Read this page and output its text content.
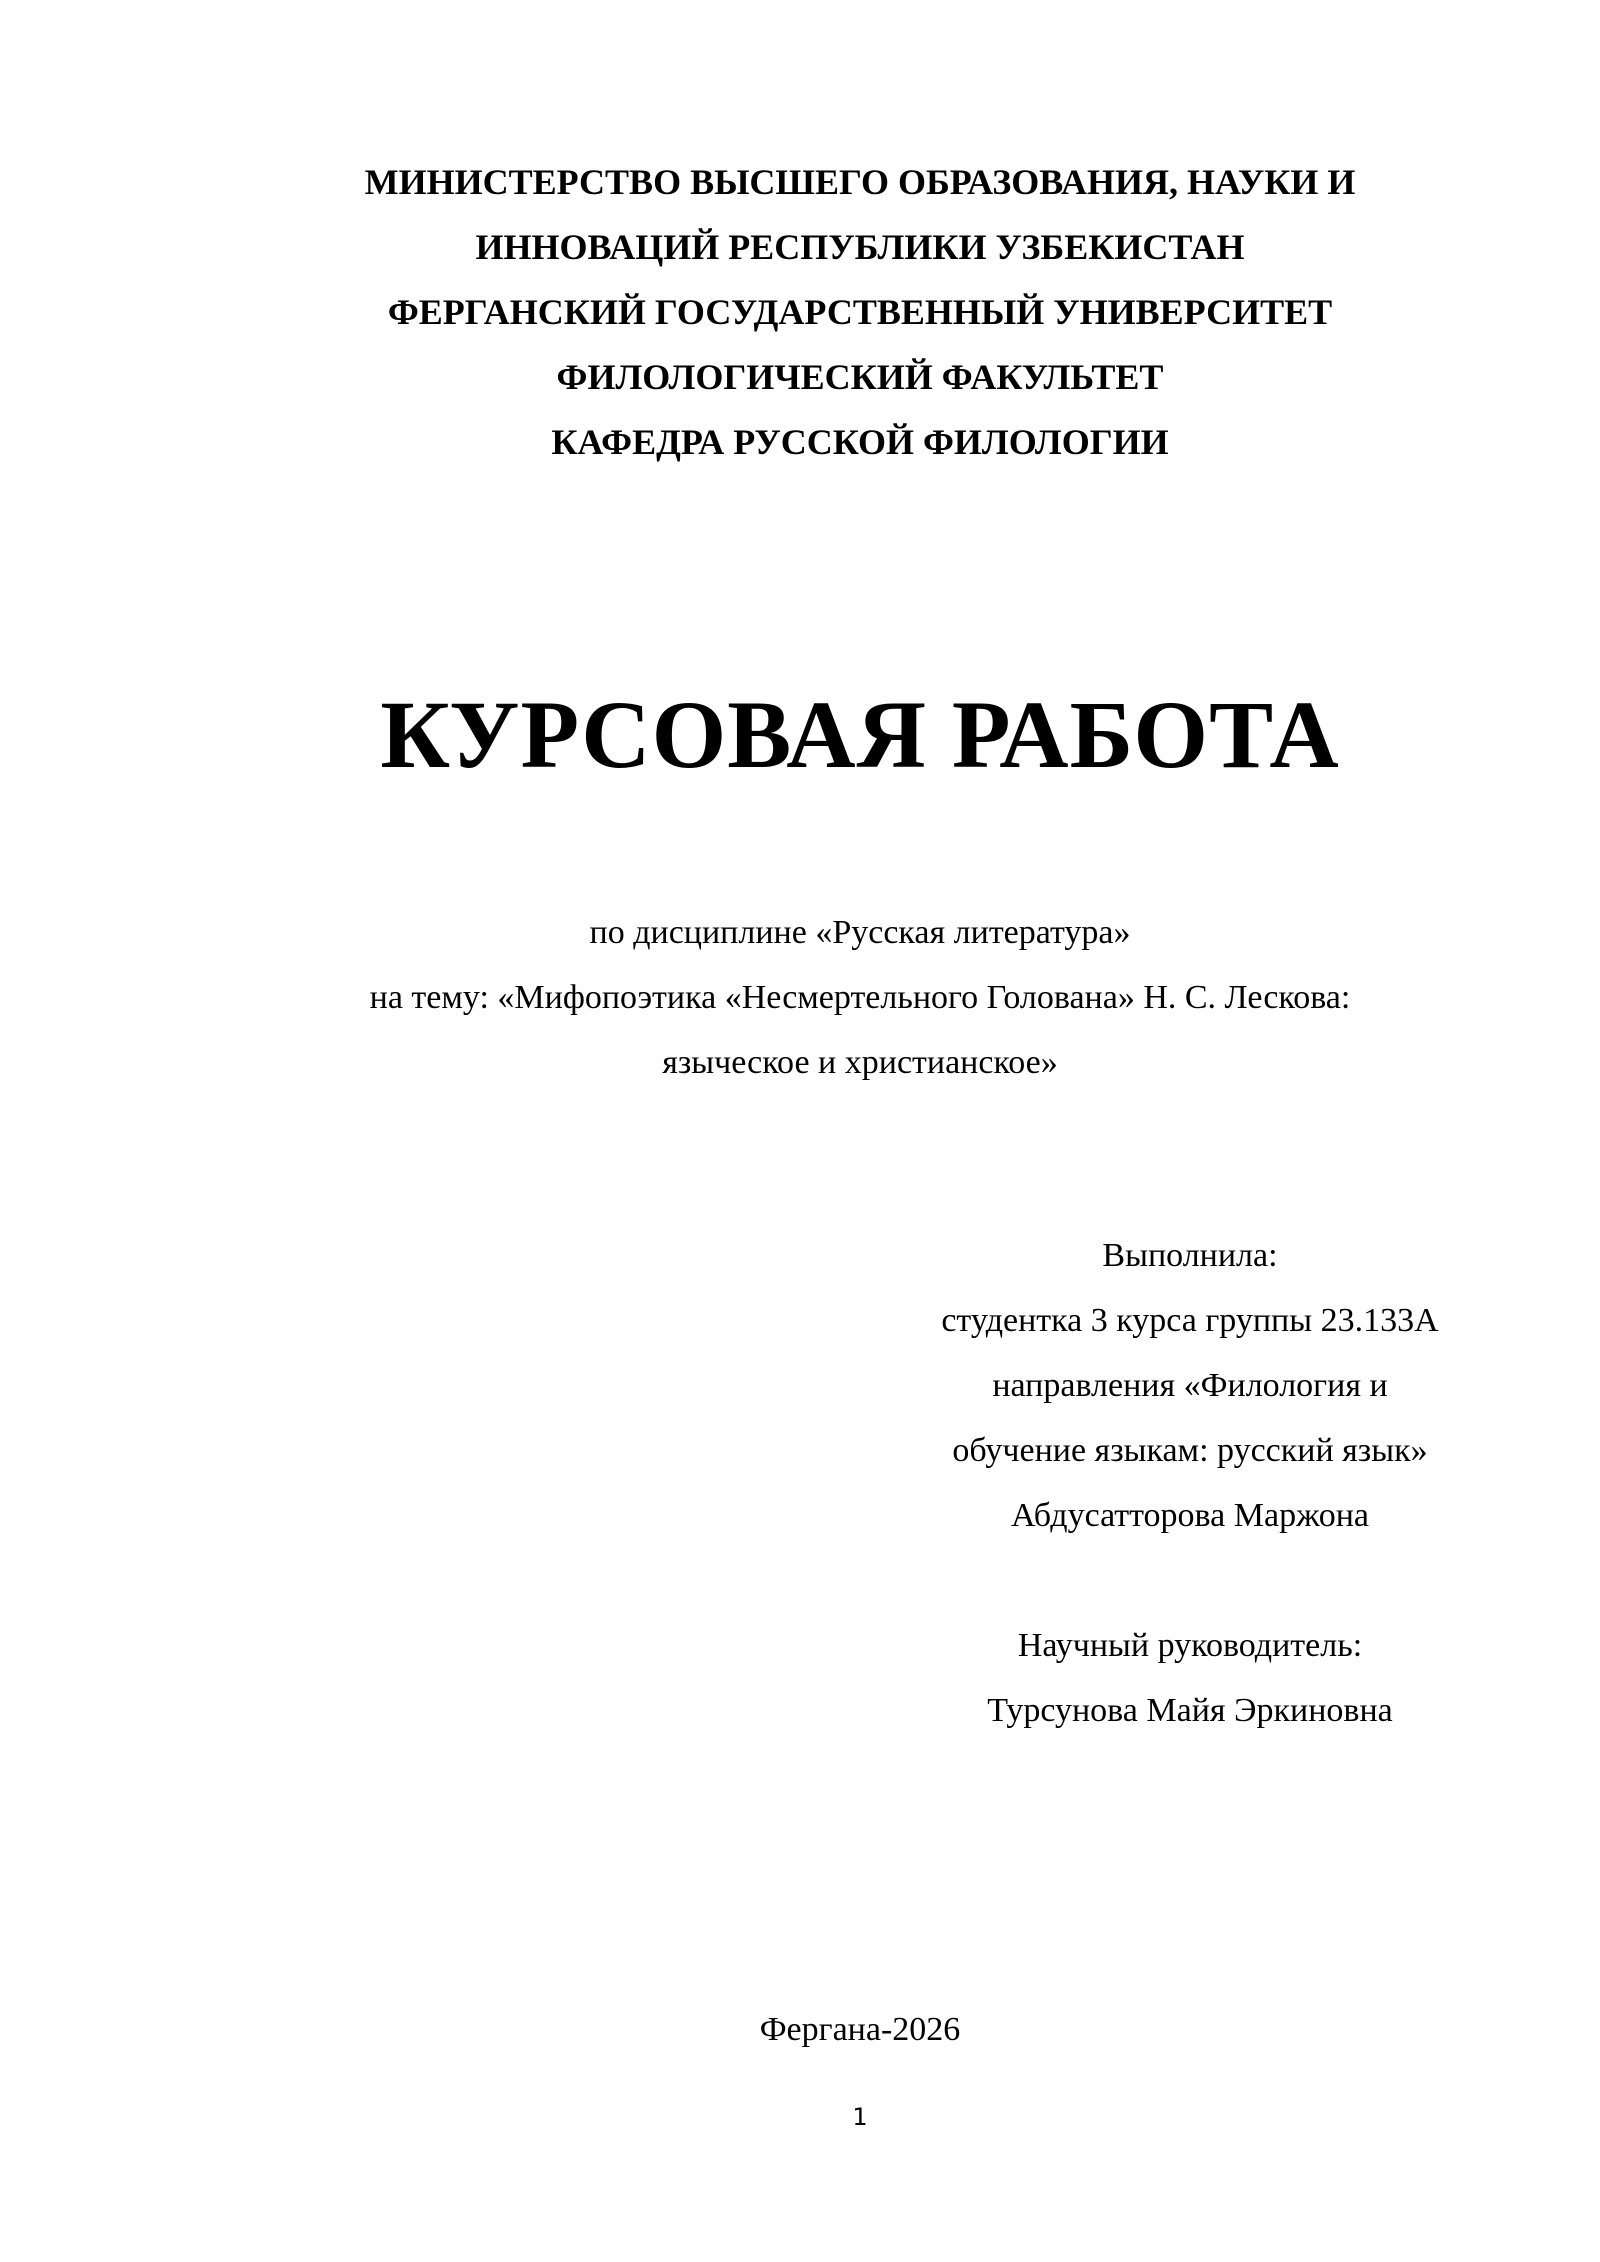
МИНИСТЕРСТВО ВЫСШЕГО ОБРАЗОВАНИЯ, НАУКИ И
ИННОВАЦИЙ РЕСПУБЛИКИ УЗБЕКИСТАН
ФЕРГАНСКИЙ ГОСУДАРСТВЕННЫЙ УНИВЕРСИТЕТ
ФИЛОЛОГИЧЕСКИЙ ФАКУЛЬТЕТ
КАФЕДРА РУССКОЙ ФИЛОЛОГИИ
КУРСОВАЯ РАБОТА
по дисциплине «Русская литература»
на тему: «Мифопоэтика «Несмертельного Голована» Н. С. Лескова:
языческое и христианское»
Выполнила:
студентка 3 курса группы 23.133А
направления «Филология и
обучение языкам: русский язык»
Абдусатторова Маржона
Научный руководитель:
Турсунова Майя Эркиновна
Фергана-2026
1
